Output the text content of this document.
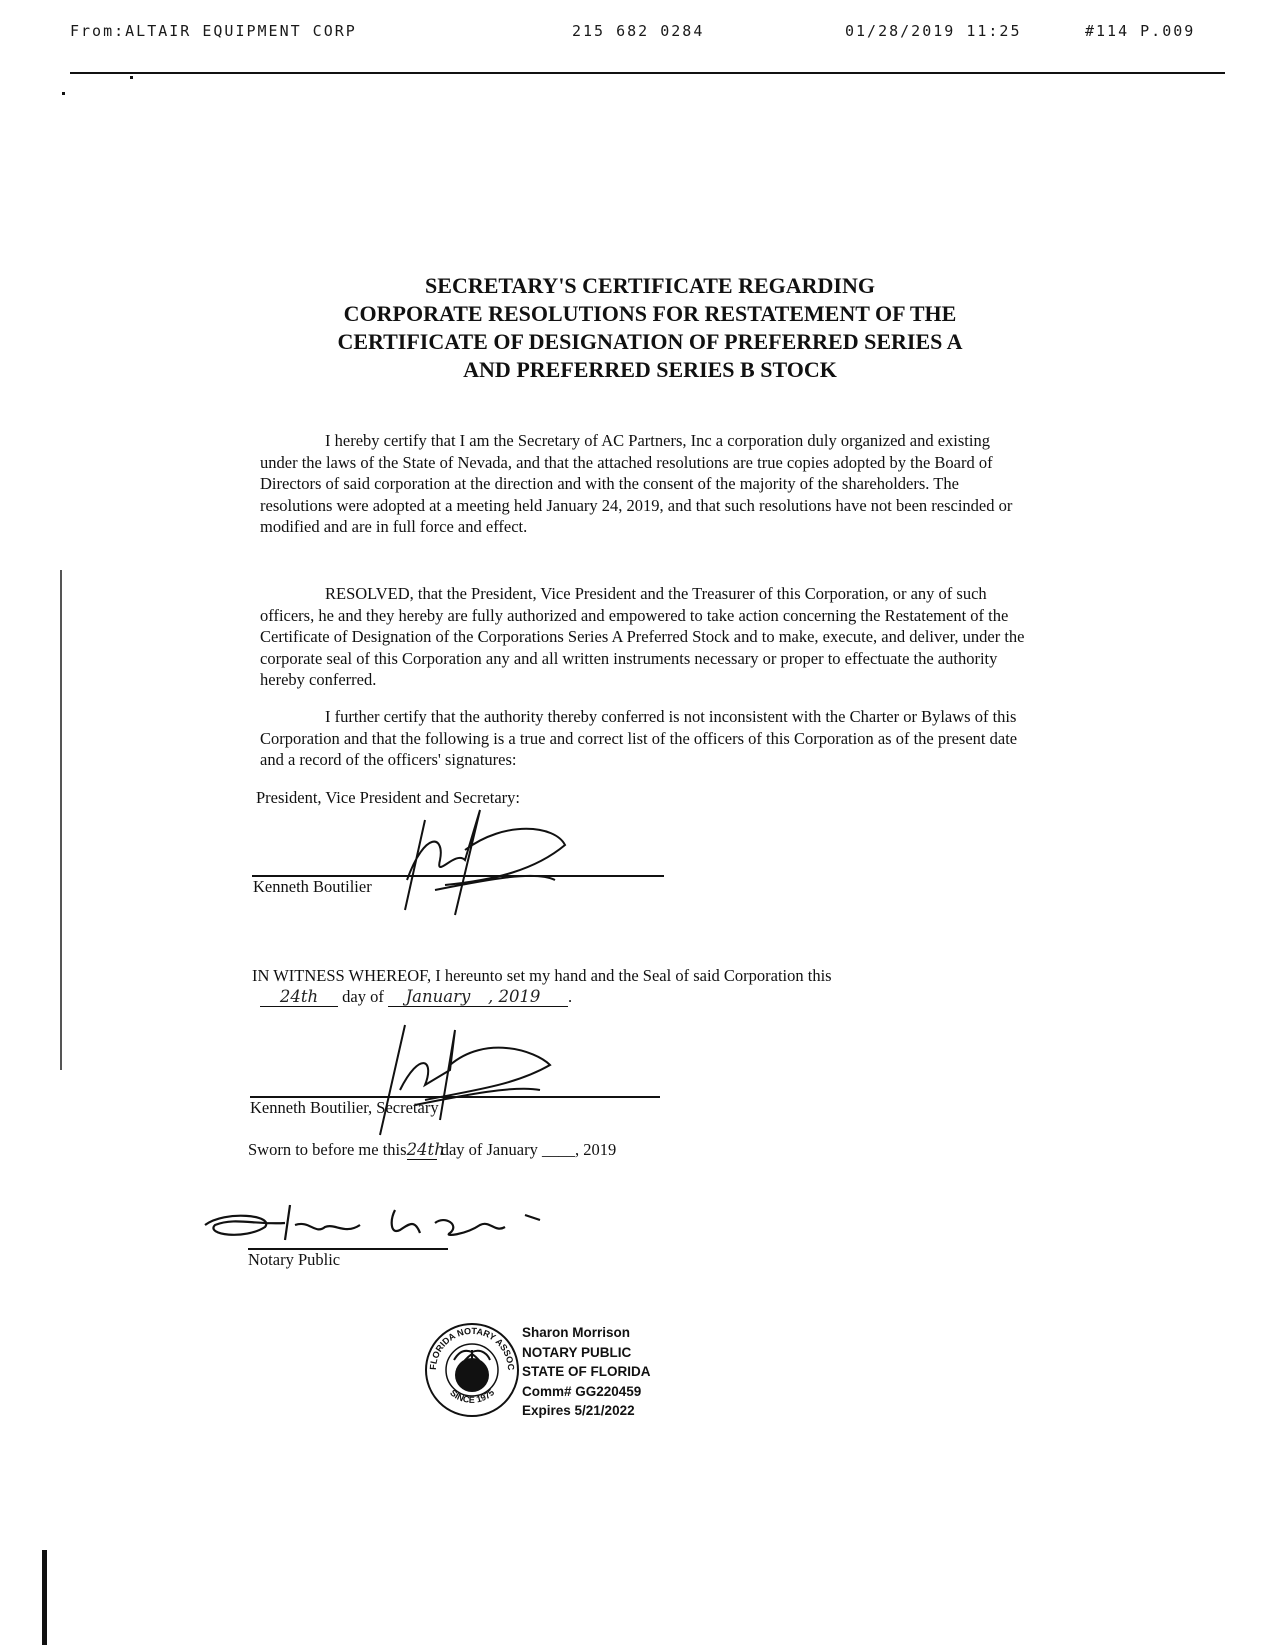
From:ALTAIR EQUIPMENT CORP	215 682 0284	01/28/2019 11:25	#114 P.009
SECRETARY'S CERTIFICATE REGARDING
CORPORATE RESOLUTIONS FOR RESTATEMENT OF THE
CERTIFICATE OF DESIGNATION OF PREFERRED SERIES A
AND PREFERRED SERIES B STOCK
I hereby certify that I am the Secretary of AC Partners, Inc a corporation duly organized and existing under the laws of the State of Nevada, and that the attached resolutions are true copies adopted by the Board of Directors of said corporation at the direction and with the consent of the majority of the shareholders. The resolutions were adopted at a meeting held January 24, 2019, and that such resolutions have not been rescinded or modified and are in full force and effect.
RESOLVED, that the President, Vice President and the Treasurer of this Corporation, or any of such officers, he and they hereby are fully authorized and empowered to take action concerning the Restatement of the Certificate of Designation of the Corporations Series A Preferred Stock and to make, execute, and deliver, under the corporate seal of this Corporation any and all written instruments necessary or proper to effectuate the authority hereby conferred.
I further certify that the authority thereby conferred is not inconsistent with the Charter or Bylaws of this Corporation and that the following is a true and correct list of the officers of this Corporation as of the present date and a record of the officers' signatures:
President, Vice President and Secretary:
Kenneth Boutilier
IN WITNESS WHEREOF, I hereunto set my hand and the Seal of said Corporation this
24th day of January , 2019 .
Kenneth Boutilier, Secretary
Sworn to before me this24th day of January ____, 2019
Notary Public
FLORIDA NOTARY ASSOCIATION
SINCE 1975
Sharon Morrison
NOTARY PUBLIC
STATE OF FLORIDA
Comm# GG220459
Expires 5/21/2022
